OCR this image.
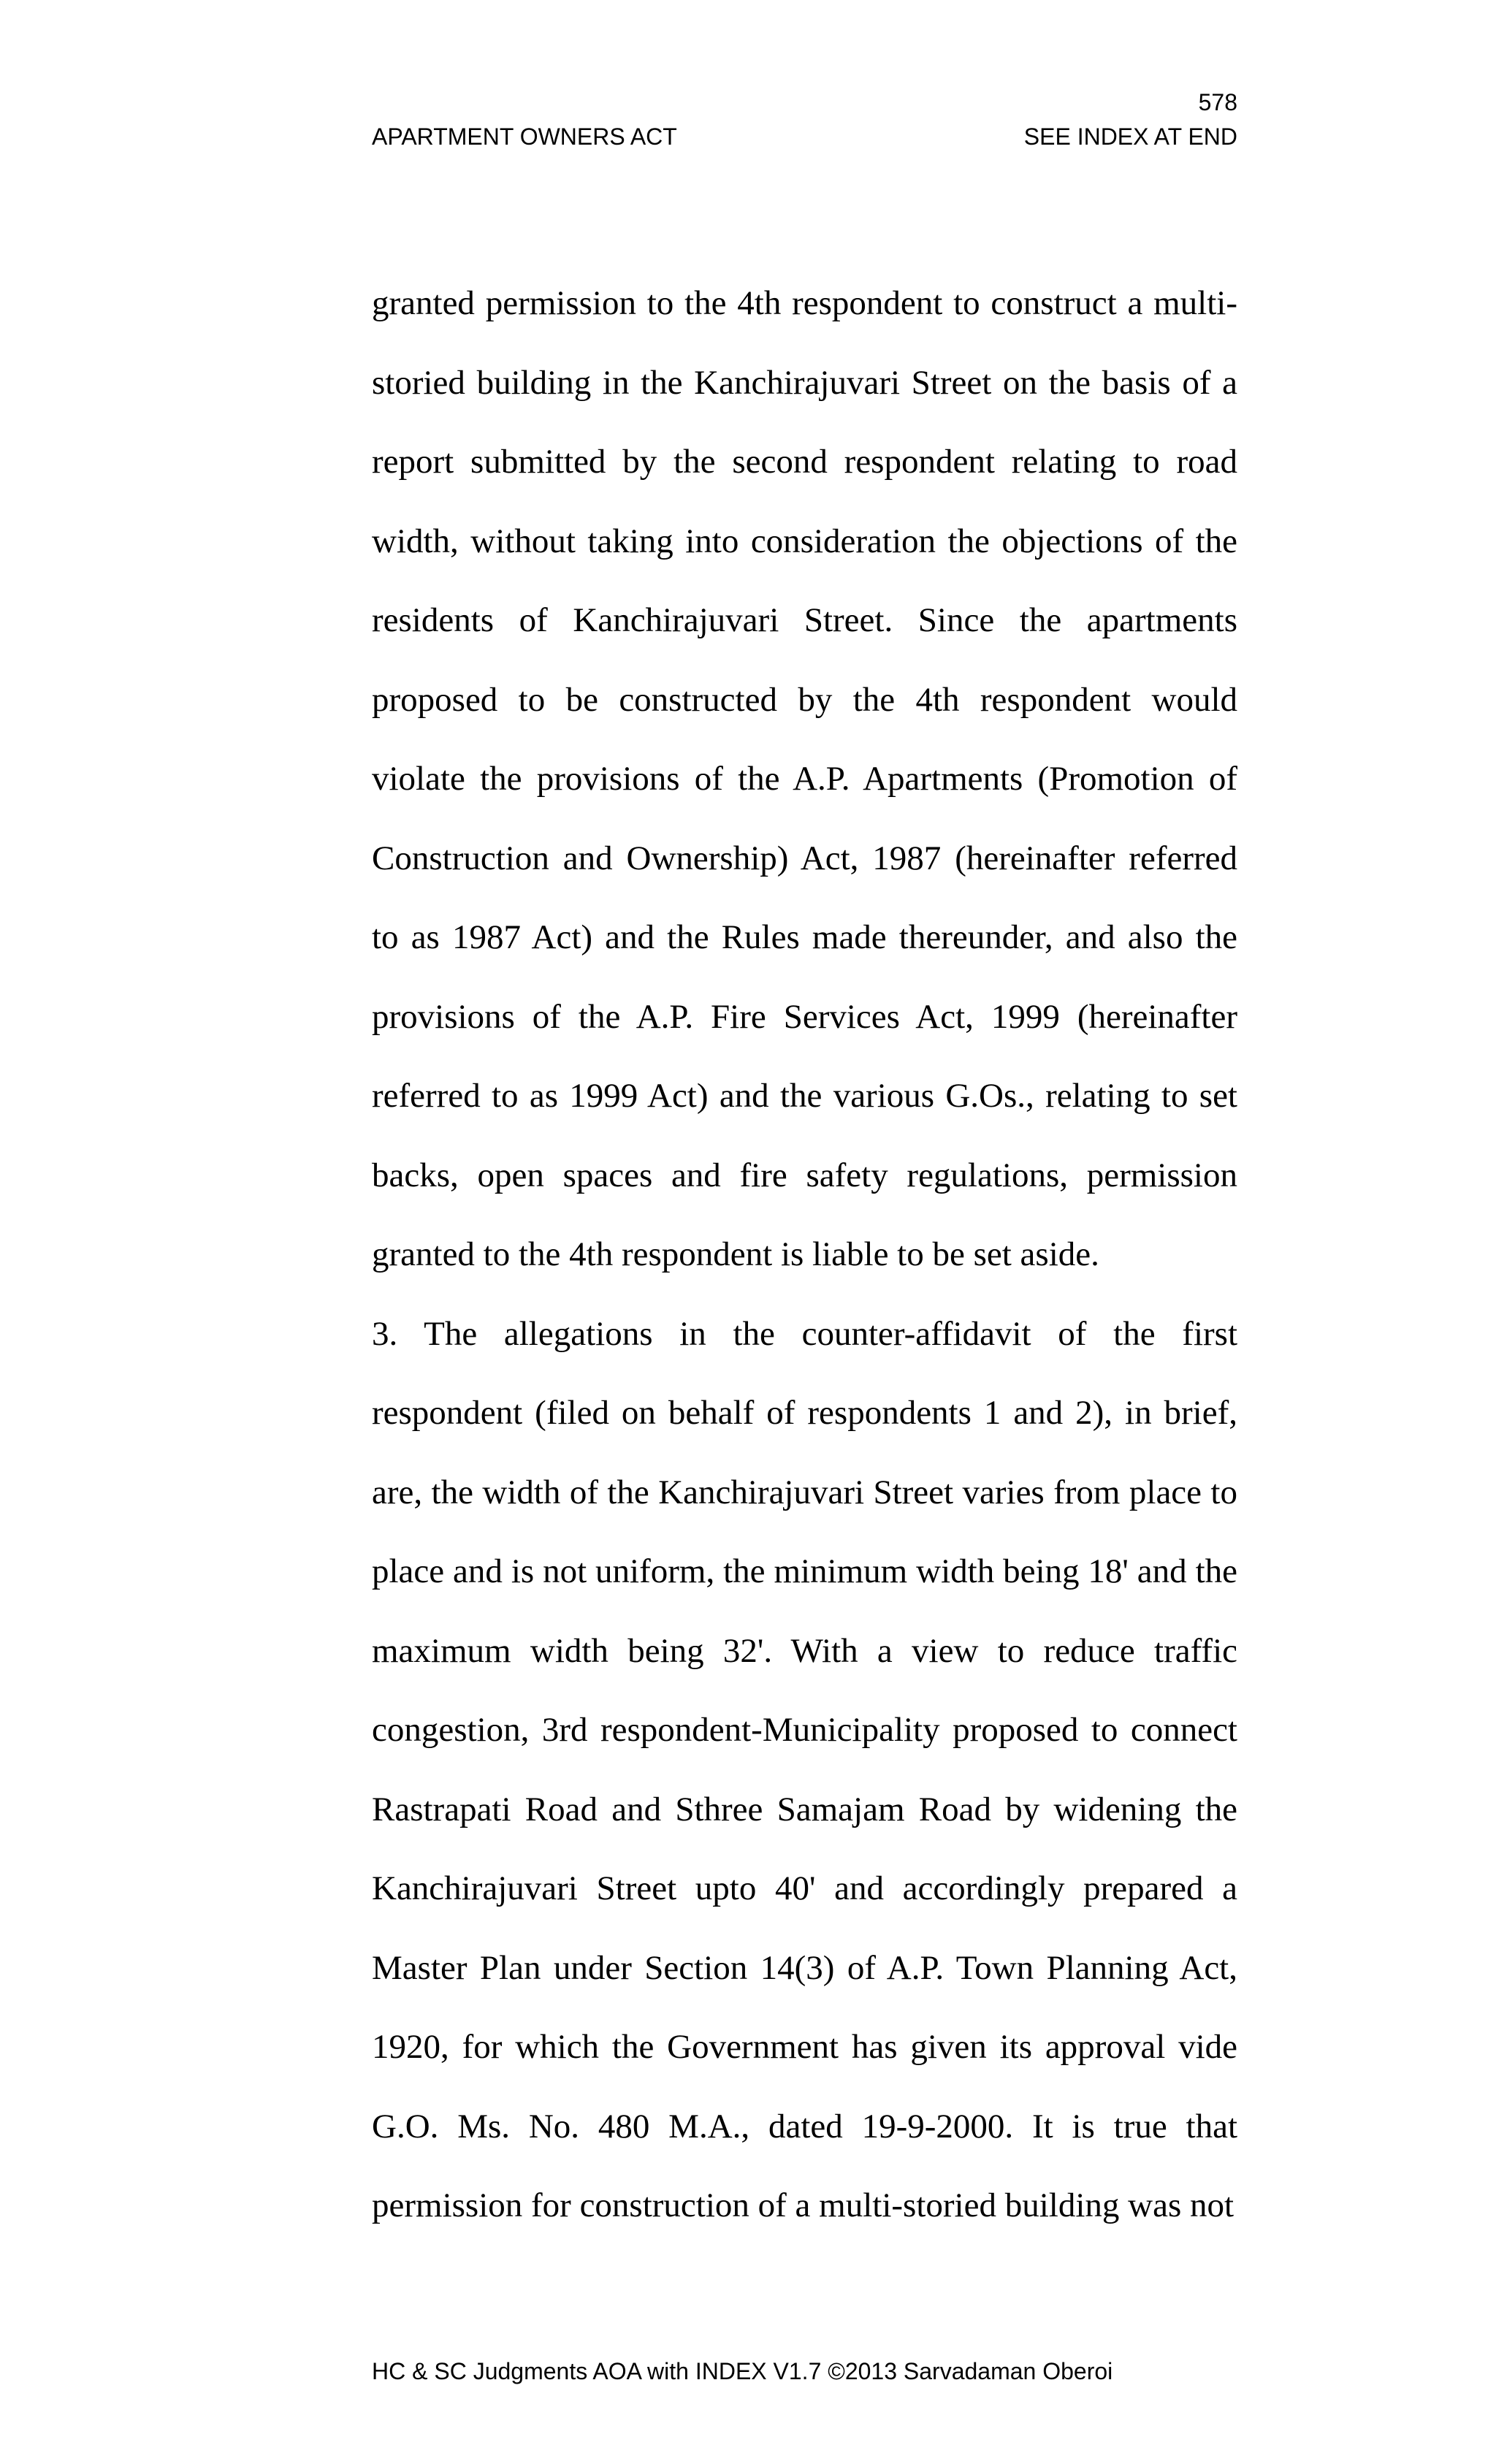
578
APARTMENT OWNERS ACT	SEE INDEX AT END

granted permission to the 4th respondent to construct a multi-storied building in the Kanchirajuvari Street on the basis of a report submitted by the second respondent relating to road width, without taking into consideration the objections of the residents of Kanchirajuvari Street. Since the apartments proposed to be constructed by the 4th respondent would violate the provisions of the A.P. Apartments (Promotion of Construction and Ownership) Act, 1987 (hereinafter referred to as 1987 Act) and the Rules made thereunder, and also the provisions of the A.P. Fire Services Act, 1999 (hereinafter referred to as 1999 Act) and the various G.Os., relating to set backs, open spaces and fire safety regulations, permission granted to the 4th respondent is liable to be set aside.

3. The allegations in the counter-affidavit of the first respondent (filed on behalf of respondents 1 and 2), in brief, are, the width of the Kanchirajuvari Street varies from place to place and is not uniform, the minimum width being 18' and the maximum width being 32'. With a view to reduce traffic congestion, 3rd respondent-Municipality proposed to connect Rastrapati Road and Sthree Samajam Road by widening the Kanchirajuvari Street upto 40' and accordingly prepared a Master Plan under Section 14(3) of A.P. Town Planning Act, 1920, for which the Government has given its approval vide G.O. Ms. No. 480 M.A., dated 19-9-2000. It is true that permission for construction of a multi-storied building was not

HC & SC Judgments AOA with INDEX V1.7 ©2013 Sarvadaman Oberoi
